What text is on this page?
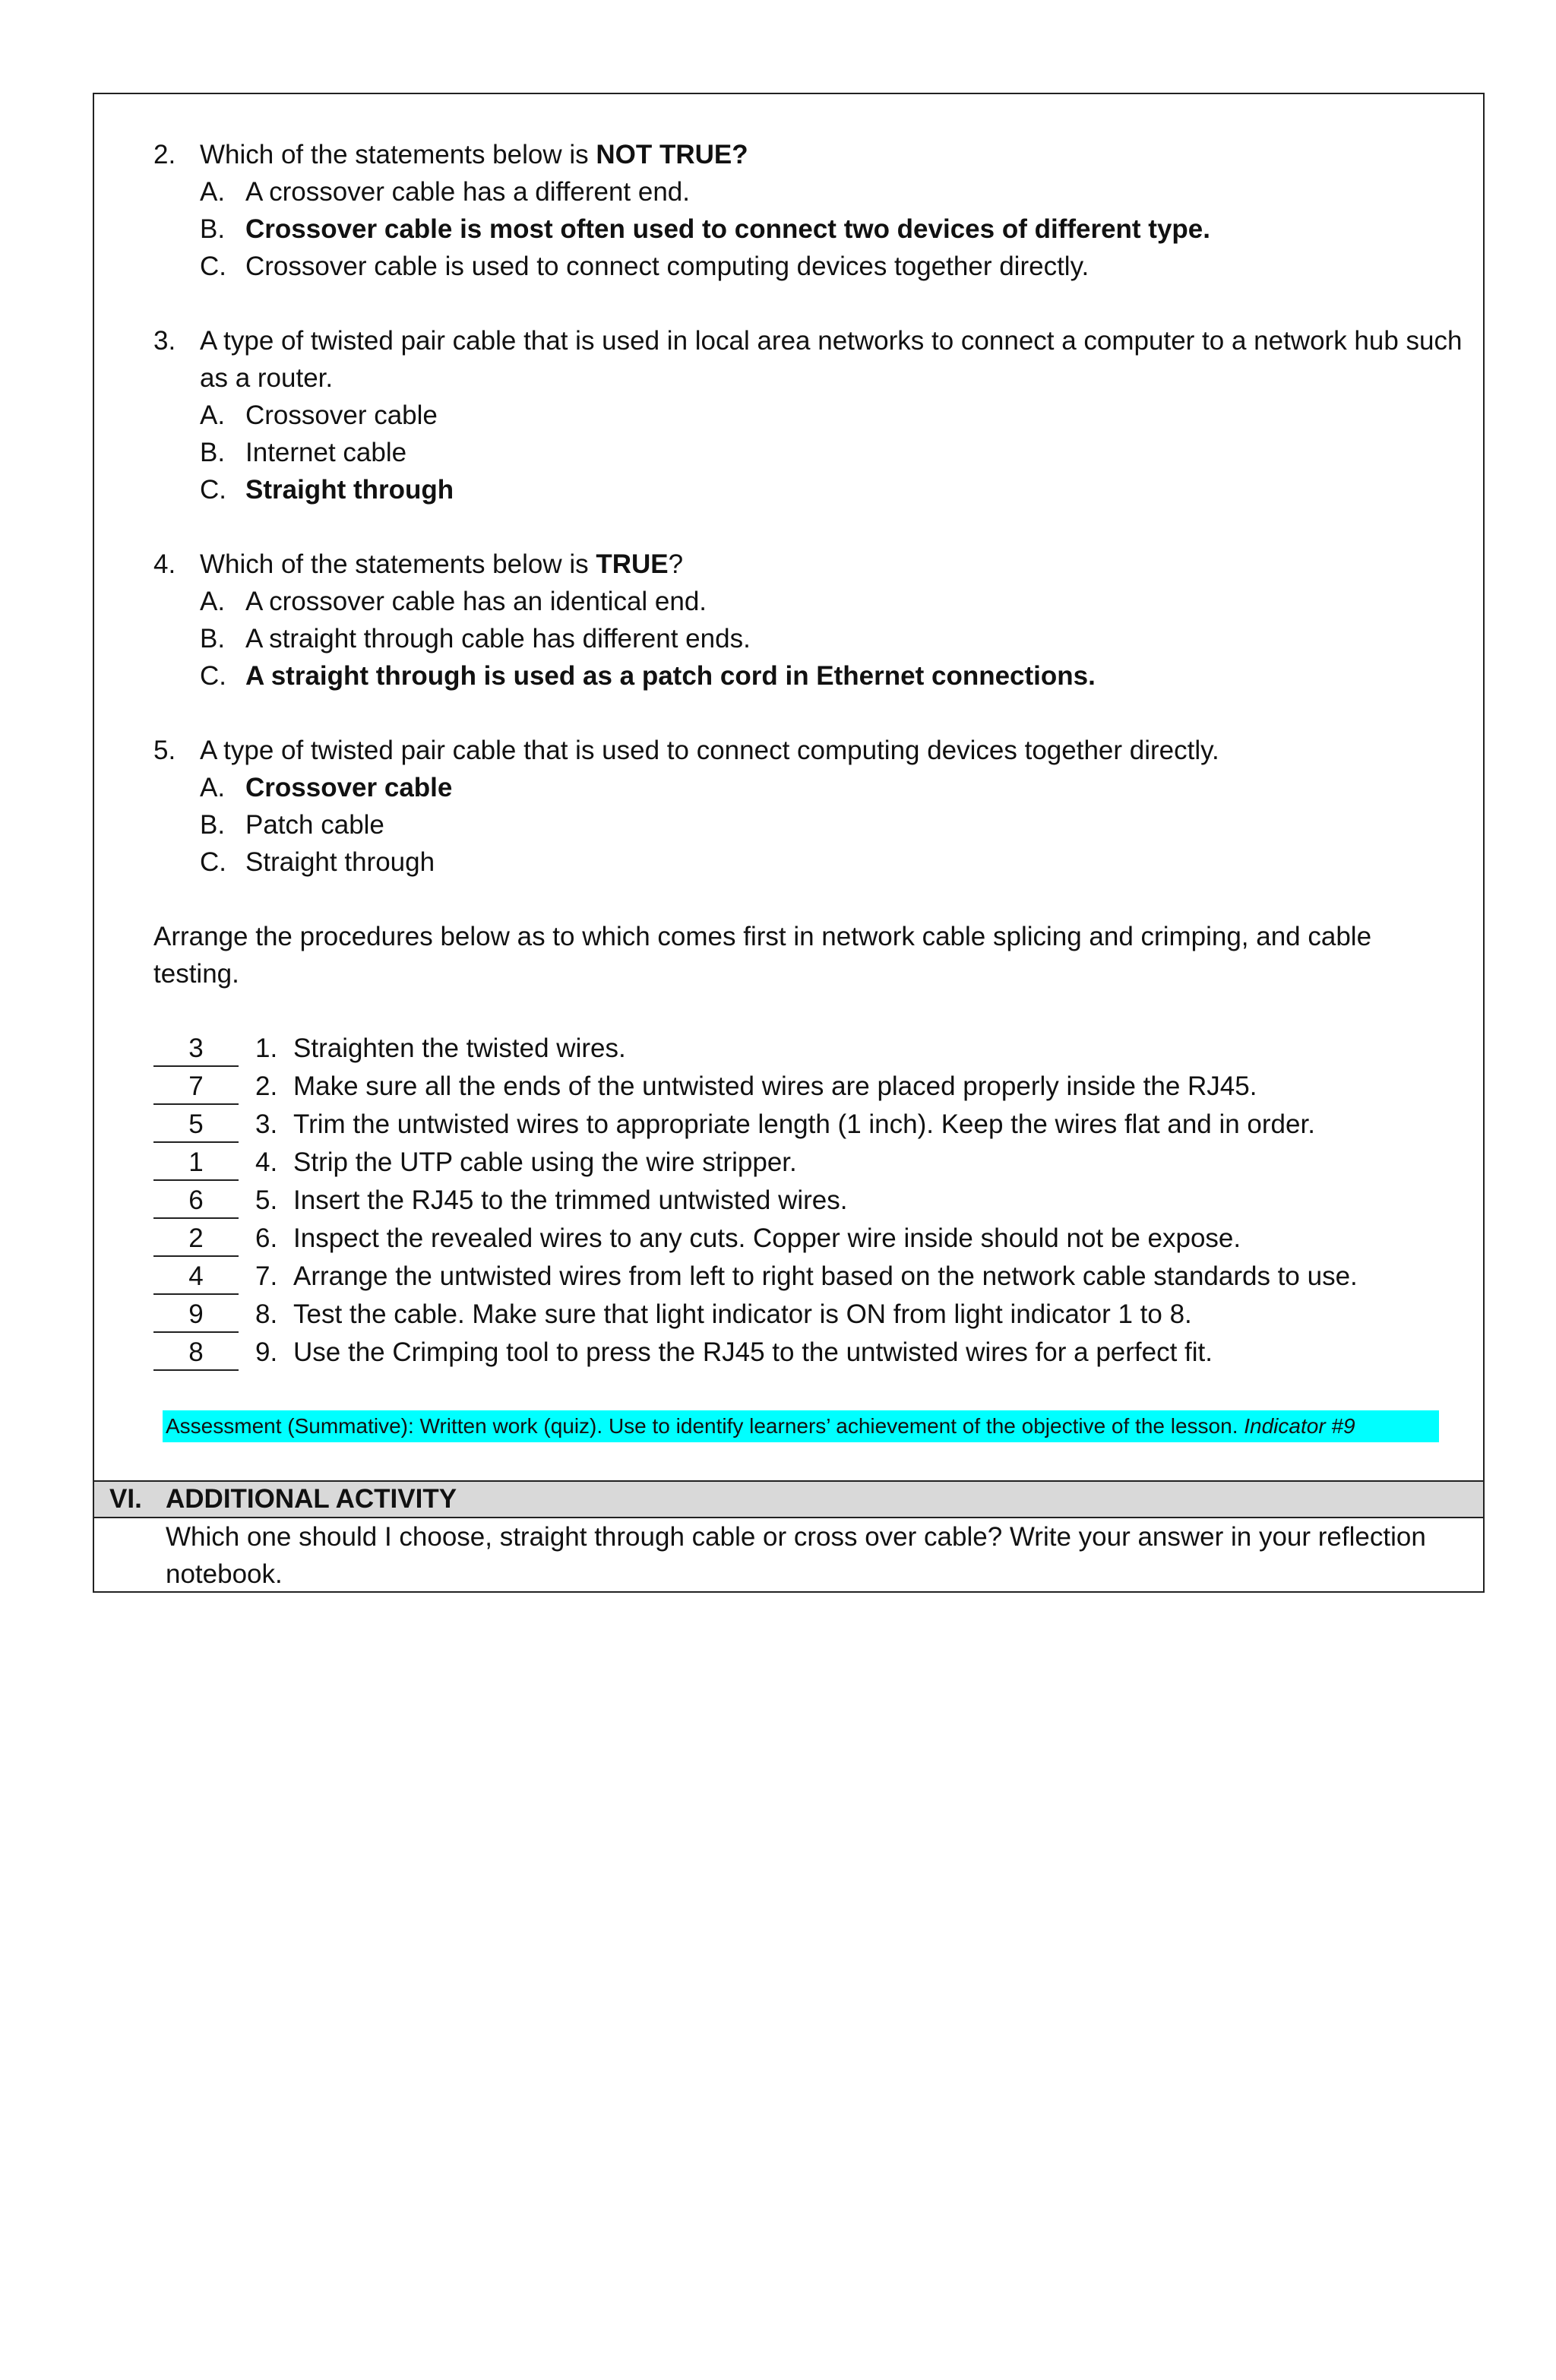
2. Which of the statements below is NOT TRUE?
A. A crossover cable has a different end.
B. Crossover cable is most often used to connect two devices of different type.
C. Crossover cable is used to connect computing devices together directly.
3. A type of twisted pair cable that is used in local area networks to connect a computer to a network hub such as a router.
A. Crossover cable
B. Internet cable
C. Straight through
4. Which of the statements below is TRUE?
A. A crossover cable has an identical end.
B. A straight through cable has different ends.
C. A straight through is used as a patch cord in Ethernet connections.
5. A type of twisted pair cable that is used to connect computing devices together directly.
A. Crossover cable
B. Patch cable
C. Straight through
Arrange the procedures below as to which comes first in network cable splicing and crimping, and cable testing.
3	1. Straighten the twisted wires.
7	2. Make sure all the ends of the untwisted wires are placed properly inside the RJ45.
5	3. Trim the untwisted wires to appropriate length (1 inch). Keep the wires flat and in order.
1	4. Strip the UTP cable using the wire stripper.
6	5. Insert the RJ45 to the trimmed untwisted wires.
2	6. Inspect the revealed wires to any cuts. Copper wire inside should not be expose.
4	7. Arrange the untwisted wires from left to right based on the network cable standards to use.
9	8. Test the cable. Make sure that light indicator is ON from light indicator 1 to 8.
8	9. Use the Crimping tool to press the RJ45 to the untwisted wires for a perfect fit.
Assessment (Summative): Written work (quiz). Use to identify learners’ achievement of the objective of the lesson. Indicator #9
VI. ADDITIONAL ACTIVITY
Which one should I choose, straight through cable or cross over cable? Write your answer in your reflection notebook.
